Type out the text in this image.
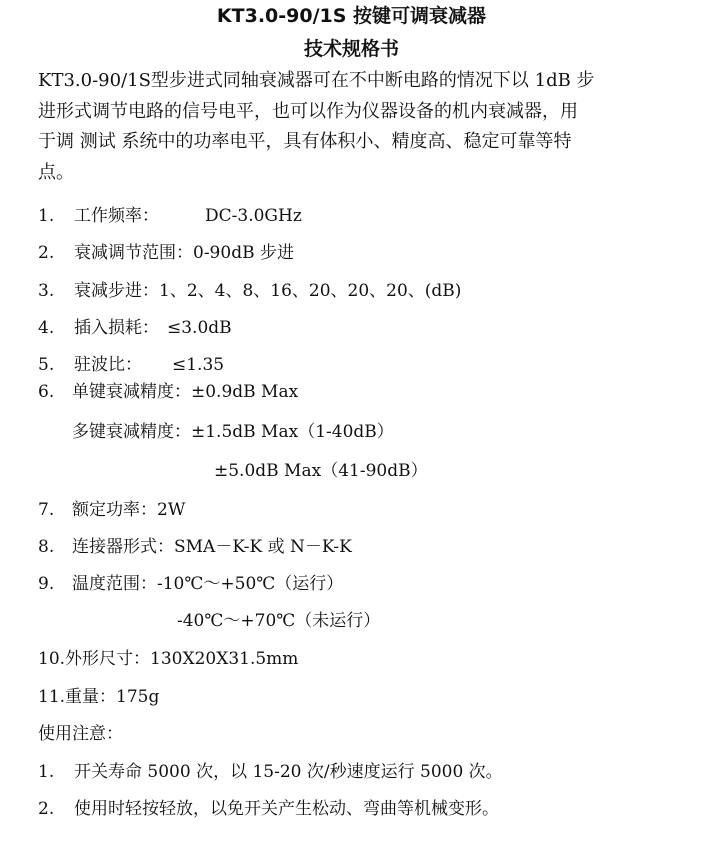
KT3.0-90/1S 按键可调衰减器
技术规格书
KT3.0-90/1S型步进式同轴衰减器可在不中断电路的情况下以 1dB 步
进形式调节电路的信号电平，也可以作为仪器设备的机内衰减器，用
于调 测试 系统中的功率电平，具有体积小、精度高、稳定可靠等特
点。
1. 工作频率：	DC-3.0GHz
2. 衰减调节范围：0-90dB 步进
3. 衰减步进：1、2、4、8、16、20、20、20、(dB)
4. 插入损耗： ≤3.0dB
5. 驻波比： ≤1.35
6. 单键衰减精度：±0.9dB Max
多键衰减精度：±1.5dB Max（1-40dB）
±5.0dB Max（41-90dB）
7. 额定功率：2W
8. 连接器形式：SMA－K-K 或 N－K-K
9. 温度范围：-10℃～+50℃（运行）
-40℃～+70℃（未运行）
10.外形尺寸：130X20X31.5mm
11.重量：175g
使用注意：
1. 开关寿命 5000 次，以 15-20 次/秒速度运行 5000 次。
2. 使用时轻按轻放，以免开关产生松动、弯曲等机械变形。
